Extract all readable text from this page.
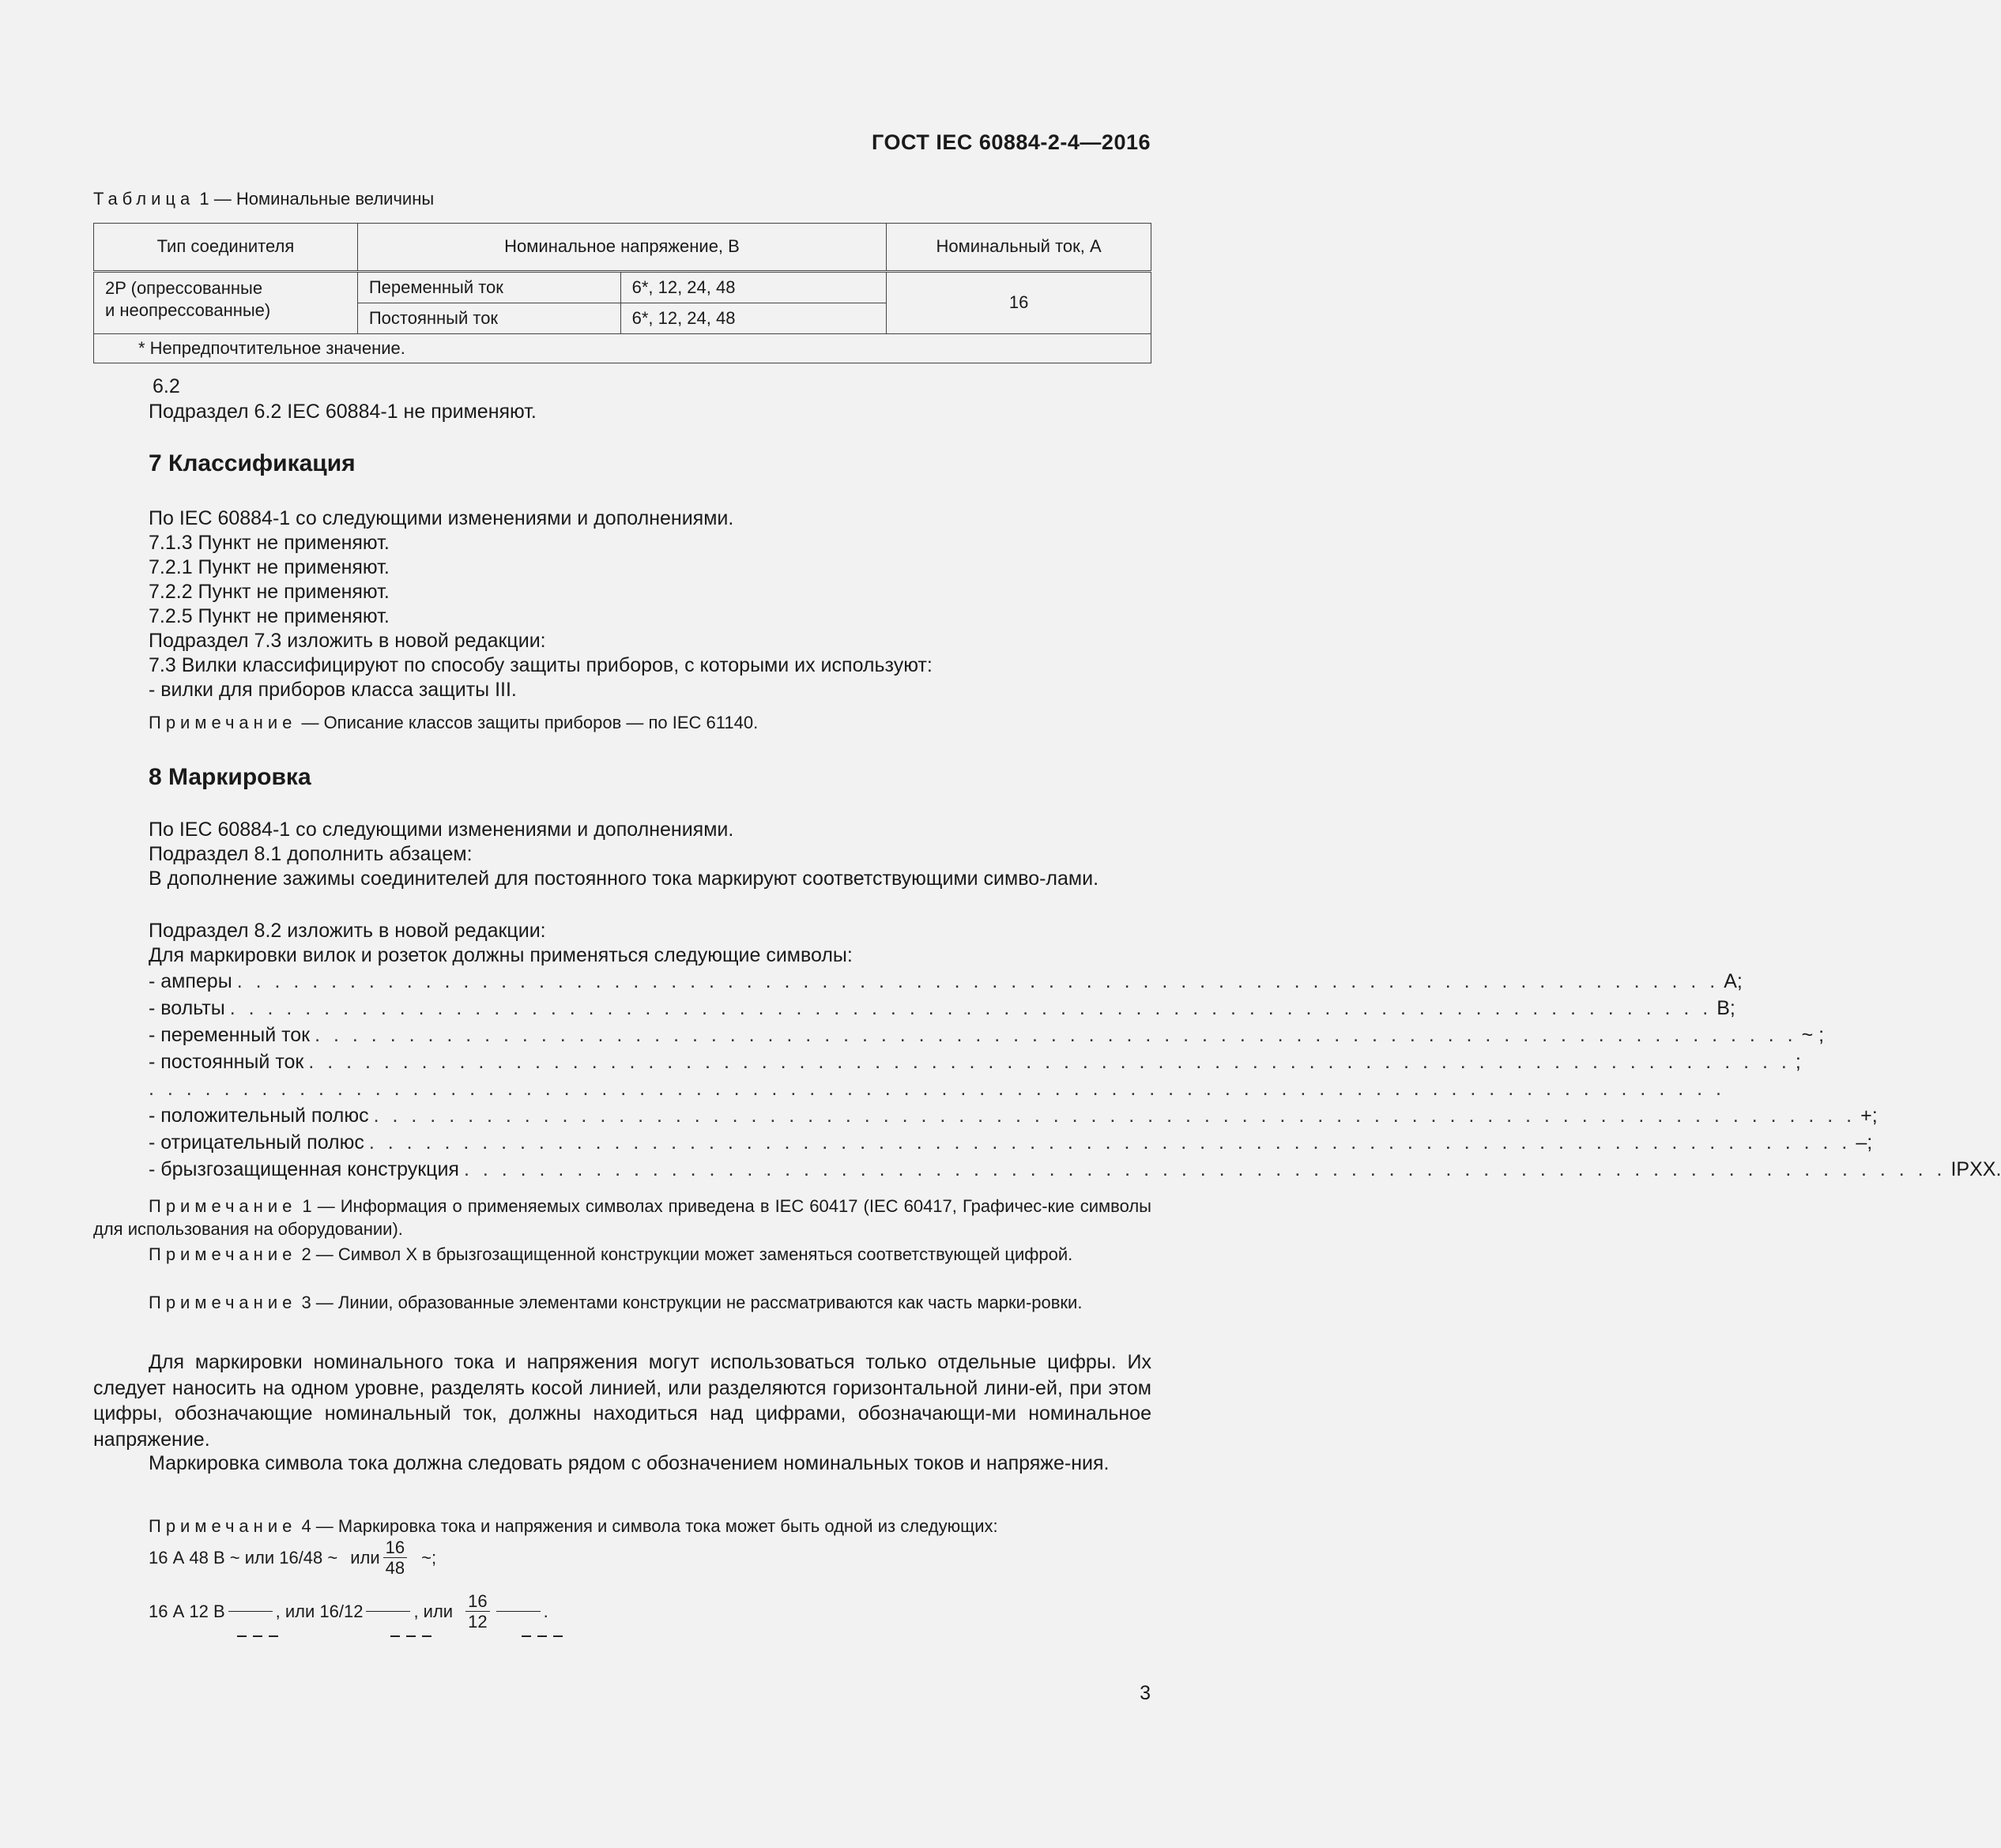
ГОСТ IEC 60884-2-4—2016
Таблица 1 — Номинальные величины
Тип соединителя	Номинальное напряжение, В		Номинальный ток, А

2P (опрессованные
и неопрессованные)	Переменный ток	6*, 12, 24, 48	16
	Постоянный ток	6*, 12, 24, 48	
* Непредпочтительное значение.			
6.2
Подраздел 6.2 IEC 60884-1 не применяют.
7 Классификация
По IEC 60884-1 со следующими изменениями и дополнениями.
7.1.3 Пункт не применяют.
7.2.1 Пункт не применяют.
7.2.2 Пункт не применяют.
7.2.5 Пункт не применяют.
Подраздел 7.3 изложить в новой редакции:
7.3 Вилки классифицируют по способу защиты приборов, с которыми их используют:
- вилки для приборов класса защиты III.
Примечание — Описание классов защиты приборов — по IEC 61140.
8 Маркировка
По IEC 60884-1 со следующими изменениями и дополнениями.
Подраздел 8.1 дополнить абзацем:
В дополнение зажимы соединителей для постоянного тока маркируют соответствующими симво-лами.
Подраздел 8.2 изложить в новой редакции:
Для маркировки вилок и розеток должны применяться следующие символы:
- амперы . . . . . . . . . . . . . . . . . . . . . . . . . . . . . . . . . . . . . . . . . . . . . . . . . . . . . . . . . . . . . . . . . . . . . . . . . . . . . . . А;
- вольты . . . . . . . . . . . . . . . . . . . . . . . . . . . . . . . . . . . . . . . . . . . . . . . . . . . . . . . . . . . . . . . . . . . . . . . . . . . . . . . В;
- переменный ток . . . . . . . . . . . . . . . . . . . . . . . . . . . . . . . . . . . . . . . . . . . . . . . . . . . . . . . . . . . . . . . . . . . . . . . . . . . . . . . ~ ;
- постоянный ток . . . . . . . . . . . . . . . . . . . . . . . . . . . . . . . . . . . . . . . . . . . . . . . . . . . . . . . . . . . . . . . . . . . . . . . . . . . . . . . ;
. . . . . . . . . . . . . . . . . . . . . . . . . . . . . . . . . . . . . . . . . . . . . . . . . . . . . . . . . . . . . . . . . . . . . . . . . . . . . . . . . . . .
- положительный полюс . . . . . . . . . . . . . . . . . . . . . . . . . . . . . . . . . . . . . . . . . . . . . . . . . . . . . . . . . . . . . . . . . . . . . . . . . . . . . . . +;
- отрицательный полюс . . . . . . . . . . . . . . . . . . . . . . . . . . . . . . . . . . . . . . . . . . . . . . . . . . . . . . . . . . . . . . . . . . . . . . . . . . . . . . . –;
- брызгозащищенная конструкция . . . . . . . . . . . . . . . . . . . . . . . . . . . . . . . . . . . . . . . . . . . . . . . . . . . . . . . . . . . . . . . . . . . . . . . . . . . . . . . IPXX.
Примечание 1 — Информация о применяемых символах приведена в IEC 60417 (IEC 60417, Графичес-кие символы для использования на оборудовании).
Примечание 2 — Символ X в брызгозащищенной конструкции может заменяться соответствующей цифрой.
Примечание 3 — Линии, образованные элементами конструкции не рассматриваются как часть марки-ровки.
Для маркировки номинального тока и напряжения могут использоваться только отдельные цифры. Их следует наносить на одном уровне, разделять косой линией, или разделяются горизонтальной лини-ей, при этом цифры, обозначающие номинальный ток, должны находиться над цифрами, обозначающи-ми номинальное напряжение.
Маркировка символа тока должна следовать рядом с обозначением номинальных токов и напряже-ния.
Примечание 4 — Маркировка тока и напряжения и символа тока может быть одной из следующих:
16 А 48 В ~ или 16/48 ~ или $\frac{16}{48}$ ~;
16 А 12 В	, или 16/12	, или $\frac{16}{12}$	.
3
